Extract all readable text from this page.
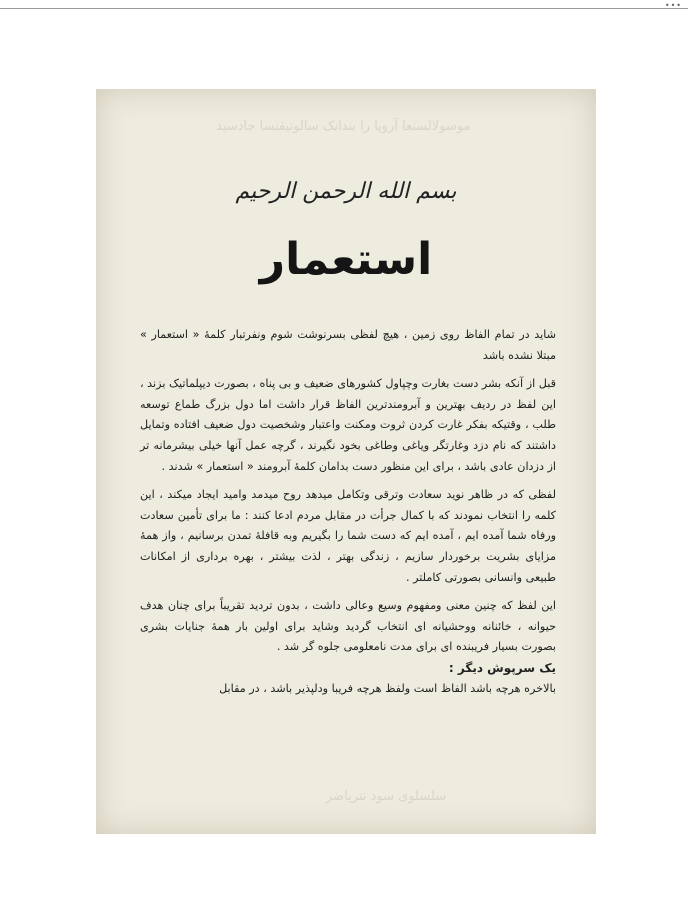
•••
موسولالسنعا آروپا را بندانک سالوتيقنسا جادسيد
سلسلوی سود نترياضر
بسم الله الرحمن الرحیم
استعمار

شاید در تمام الفاظ روی زمین ، هیچ لفظی بسرنوشت شوم ونفرتبار کلمهٔ « استعمار » مبتلا نشده باشد

قبل از آنکه بشر دست بغارت وچپاول کشورهای ضعیف و بی پناه ، بصورت دیپلماتیک بزند ، این لفظ در ردیف بهترین و آبرومندترین الفاظ قرار داشت اما دول بزرگ طماع توسعه طلب ، وقتیکه بفکر غارت کردن ثروت ومکنت واعتبار وشخصیت دول ضعیف افتاده وتمایل داشتند که نام دزد وغارتگر ویاغی وطاغی بخود نگیرند ، گرچه عمل آنها خیلی بیشرمانه تر از دزدان عادی باشد ، برای این منظور دست بدامان کلمهٔ آبرومند « استعمار » شدند .

لفظی که در ظاهر نوید سعادت وترقی وتکامل میدهد روح میدمد وامید ایجاد میکند ، این کلمه را انتخاب نمودند که با کمال جرأت در مقابل مردم ادعا کنند : ما برای تأمین سعادت ورفاه شما آمده ایم ، آمده ایم که دست شما را بگیریم وبه قافلهٔ تمدن برسانیم ، واز همهٔ مزایای بشریت برخوردار سازیم ، زندگی بهتر ، لذت بیشتر ، بهره برداری از امکانات طبیعی وانسانی بصورتی کاملتر .

این لفظ که چنین معنی ومفهوم وسیع وعالی داشت ، بدون تردید تقریباً برای چنان هدف حیوانه ، خائنانه ووحشیانه ای انتخاب گردید وشاید برای اولین بار همهٔ جنایات بشری بصورت بسیار فریبنده ای برای مدت نامعلومی جلوه گر شد .

یک سرپوش دیگر :

بالاخره هرچه باشد الفاظ است ولفظ هرچه فریبا ودلپذیر باشد ، در مقابل
